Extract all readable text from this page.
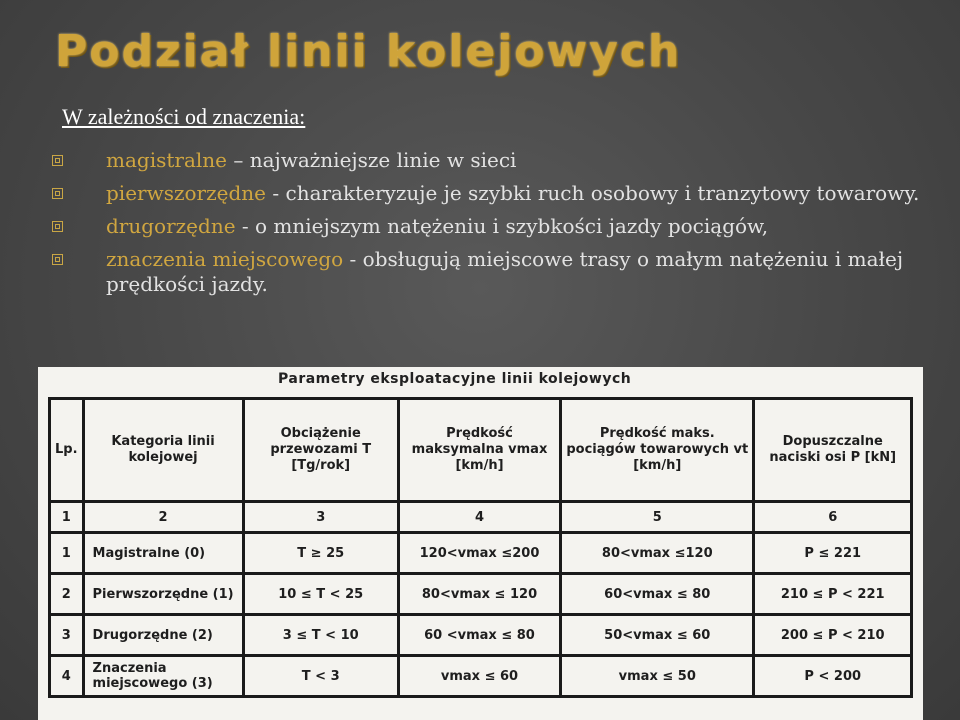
Podział linii kolejowych
W zależności od znaczenia:
magistralne – najważniejsze linie w sieci
pierwszorzędne - charakteryzuje je szybki ruch osobowy i tranzytowy towarowy.
drugorzędne - o mniejszym natężeniu i szybkości jazdy pociągów,
znaczenia miejscowego - obsługują miejscowe trasy o małym natężeniu i małej prędkości jazdy.
Parametry eksploatacyjne linii kolejowych
Lp.	Kategoria linii kolejowej	Obciążenie przewozami T [Tg/rok]	Prędkość maksymalna vmax [km/h]	Prędkość maks. pociągów towarowych vt [km/h]	Dopuszczalne naciski osi P [kN]
1	2	3	4	5	6
1	Magistralne (0)	T ≥ 25	120<vmax ≤200	80<vmax ≤120	P ≤ 221
2	Pierwszorzędne (1)	10 ≤ T < 25	80<vmax ≤ 120	60<vmax ≤ 80	210 ≤ P < 221
3	Drugorzędne (2)	3 ≤ T < 10	60 <vmax ≤ 80	50<vmax ≤ 60	200 ≤ P < 210
4	Znaczenia miejscowego (3)	T < 3	vmax ≤ 60	vmax ≤ 50	P < 200
